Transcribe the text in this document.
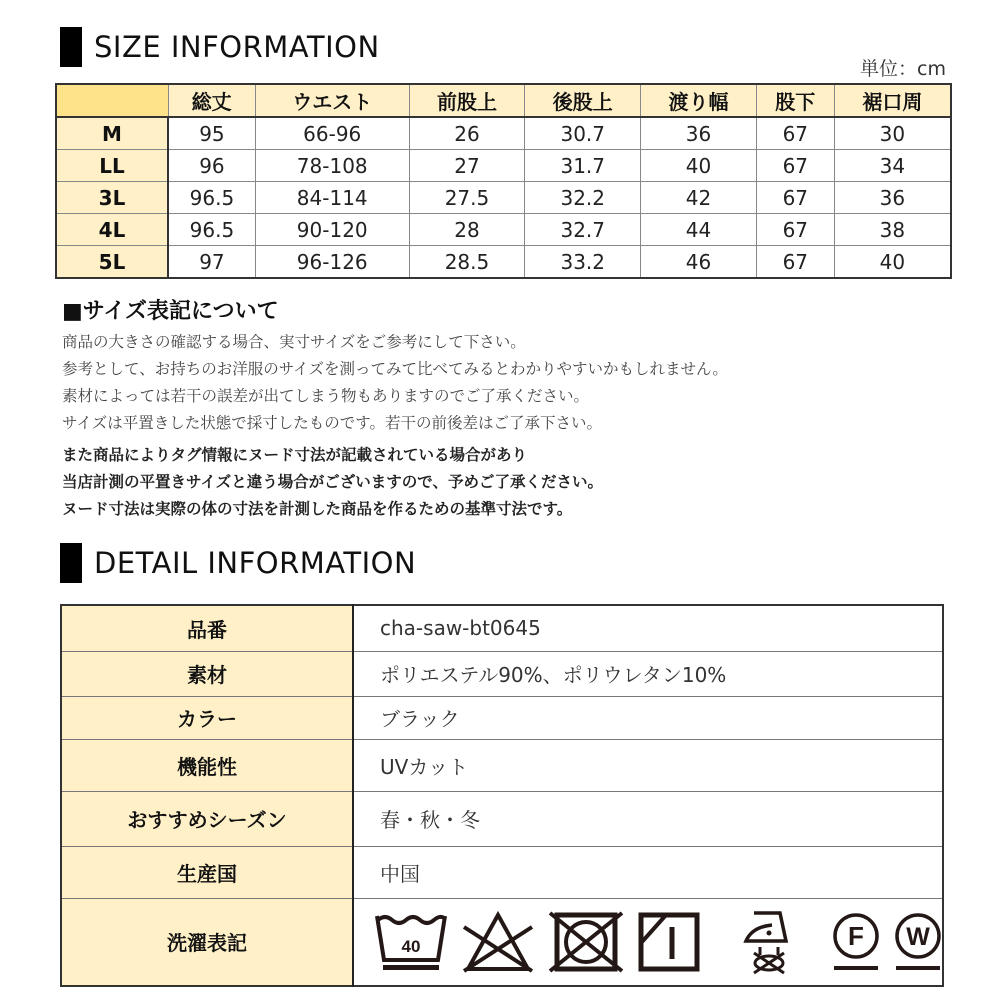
SIZE INFORMATION
単位：cm
	総丈	ウエスト	前股上	後股上	渡り幅	股下	裾口周
M	95	66-96	26	30.7	36	67	30
LL	96	78-108	27	31.7	40	67	34
3L	96.5	84-114	27.5	32.2	42	67	36
4L	96.5	90-120	28	32.7	44	67	38
5L	97	96-126	28.5	33.2	46	67	40
■サイズ表記について
商品の大きさの確認する場合、実寸サイズをご参考にして下さい。
参考として、お持ちのお洋服のサイズを測ってみて比べてみるとわかりやすいかもしれません。
素材によっては若干の誤差が出てしまう物もありますのでご了承ください。
サイズは平置きした状態で採寸したものです。若干の前後差はご了承下さい。
また商品によりタグ情報にヌード寸法が記載されている場合があり
当店計測の平置きサイズと違う場合がございますので、予めご了承ください。
ヌード寸法は実際の体の寸法を計測した商品を作るための基準寸法です。
DETAIL INFORMATION
品番	cha-saw-bt0645
素材	ポリエステル90%、ポリウレタン10%
カラー	ブラック
機能性	UVカット
おすすめシーズン	春・秋・冬
生産国	中国
洗濯表記	40 F W
